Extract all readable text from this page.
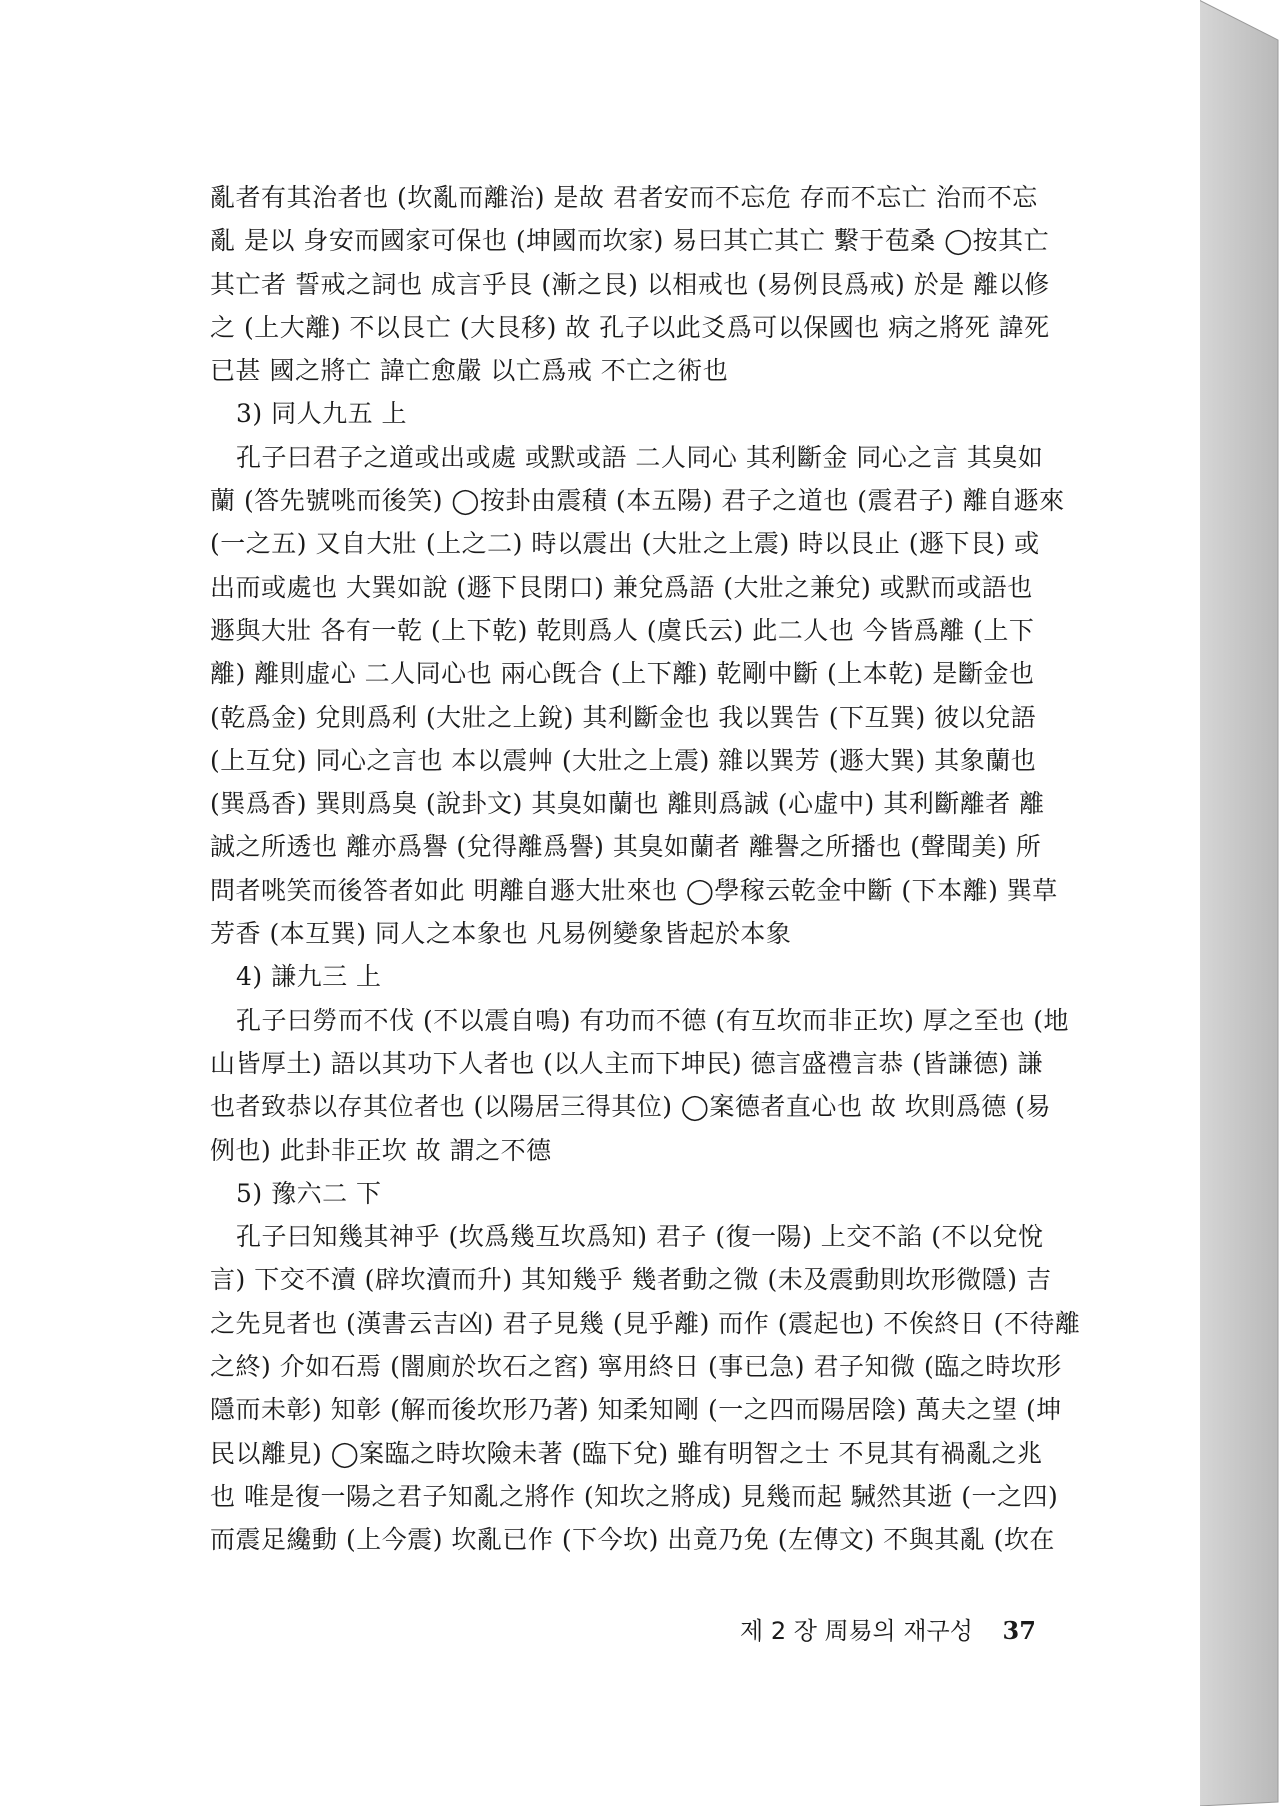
亂者有其治者也 (坎亂而離治) 是故 君者安而不忘危 存而不忘亡 治而不忘
亂 是以 身安而國家可保也 (坤國而坎家) 易曰其亡其亡 繫于苞桑 ◯按其亡
其亡者 誓戒之詞也 成言乎艮 (漸之艮) 以相戒也 (易例艮爲戒) 於是 離以修
之 (上大離) 不以艮亡 (大艮移) 故 孔子以此爻爲可以保國也 病之將死 諱死
已甚 國之將亡 諱亡愈嚴 以亡爲戒 不亡之術也
3) 同人九五 上
孔子曰君子之道或出或處 或默或語 二人同心 其利斷金 同心之言 其臭如
蘭 (答先號咷而後笑) ◯按卦由震積 (本五陽) 君子之道也 (震君子) 離自遯來
(一之五) 又自大壯 (上之二) 時以震出 (大壯之上震) 時以艮止 (遯下艮) 或
出而或處也 大巽如說 (遯下艮閉口) 兼兌爲語 (大壯之兼兌) 或默而或語也
遯與大壯 各有一乾 (上下乾) 乾則爲人 (虞氏云) 此二人也 今皆爲離 (上下
離) 離則虛心 二人同心也 兩心旣合 (上下離) 乾剛中斷 (上本乾) 是斷金也
(乾爲金) 兌則爲利 (大壯之上銳) 其利斷金也 我以巽告 (下互巽) 彼以兌語
(上互兌) 同心之言也 本以震艸 (大壯之上震) 雜以巽芳 (遯大巽) 其象蘭也
(巽爲香) 巽則爲臭 (說卦文) 其臭如蘭也 離則爲誠 (心虛中) 其利斷離者 離
誠之所透也 離亦爲譽 (兌得離爲譽) 其臭如蘭者 離譽之所播也 (聲聞美) 所
問者咷笑而後答者如此 明離自遯大壯來也 ◯學稼云乾金中斷 (下本離) 巽草
芳香 (本互巽) 同人之本象也 凡易例變象皆起於本象
4) 謙九三 上
孔子曰勞而不伐 (不以震自鳴) 有功而不德 (有互坎而非正坎) 厚之至也 (地
山皆厚土) 語以其功下人者也 (以人主而下坤民) 德言盛禮言恭 (皆謙德) 謙
也者致恭以存其位者也 (以陽居三得其位) ◯案德者直心也 故 坎則爲德 (易
例也) 此卦非正坎 故 謂之不德
5) 豫六二 下
孔子曰知幾其神乎 (坎爲幾互坎爲知) 君子 (復一陽) 上交不諂 (不以兌悅
言) 下交不瀆 (辟坎瀆而升) 其知幾乎 幾者動之微 (未及震動則坎形微隱) 吉
之先見者也 (漢書云吉凶) 君子見幾 (見乎離) 而作 (震起也) 不俟終日 (不待離
之終) 介如石焉 (闇廁於坎石之窞) 寧用終日 (事已急) 君子知微 (臨之時坎形
隱而未彰) 知彰 (解而後坎形乃著) 知柔知剛 (一之四而陽居陰) 萬夫之望 (坤
民以離見) ◯案臨之時坎險未著 (臨下兌) 雖有明智之士 不見其有禍亂之兆
也 唯是復一陽之君子知亂之將作 (知坎之將成) 見幾而起 駴然其逝 (一之四)
而震足纔動 (上今震) 坎亂已作 (下今坎) 出竟乃免 (左傳文) 不與其亂 (坎在
제 2 장 周易의 재구성 37
